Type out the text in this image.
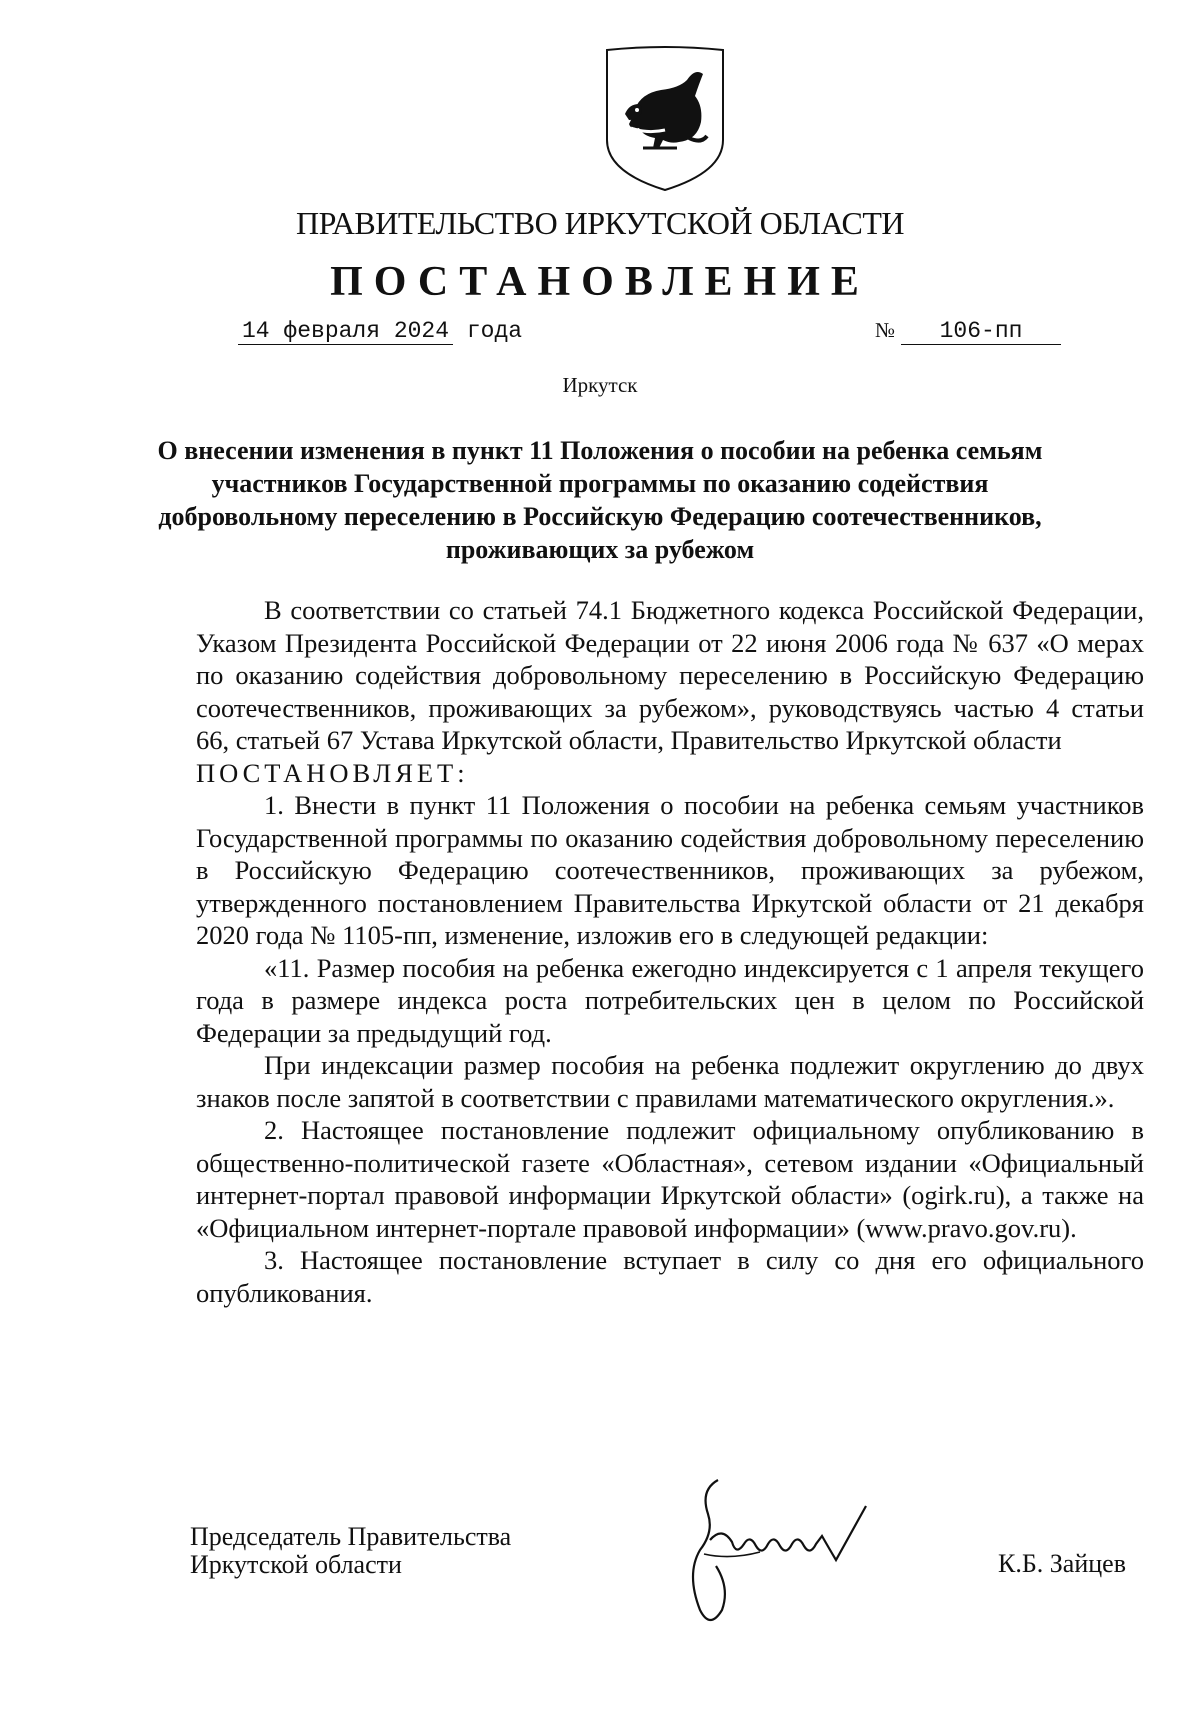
ПРАВИТЕЛЬСТВО ИРКУТСКОЙ ОБЛАСТИ
ПОСТАНОВЛЕНИЕ
14 февраля 2024 года	№ 106-пп
Иркутск
О внесении изменения в пункт 11 Положения о пособии на ребенка семьям участников Государственной программы по оказанию содействия добровольному переселению в Российскую Федерацию соотечественников, проживающих за рубежом

В соответствии со статьей 74.1 Бюджетного кодекса Российской Федерации, Указом Президента Российской Федерации от 22 июня 2006 года № 637 «О мерах по оказанию содействия добровольному переселению в Российскую Федерацию соотечественников, проживающих за рубежом», руководствуясь частью 4 статьи 66, статьей 67 Устава Иркутской области, Правительство Иркутской области

ПОСТАНОВЛЯЕТ:

1. Внести в пункт 11 Положения о пособии на ребенка семьям участников Государственной программы по оказанию содействия добровольному переселению в Российскую Федерацию соотечественников, проживающих за рубежом, утвержденного постановлением Правительства Иркутской области от 21 декабря 2020 года № 1105-пп, изменение, изложив его в следующей редакции:

«11. Размер пособия на ребенка ежегодно индексируется с 1 апреля текущего года в размере индекса роста потребительских цен в целом по Российской Федерации за предыдущий год.

При индексации размер пособия на ребенка подлежит округлению до двух знаков после запятой в соответствии с правилами математического округления.».

2. Настоящее постановление подлежит официальному опубликованию в общественно-политической газете «Областная», сетевом издании «Официальный интернет-портал правовой информации Иркутской области» (ogirk.ru), а также на «Официальном интернет-портале правовой информации» (www.pravo.gov.ru).

3. Настоящее постановление вступает в силу со дня его официального опубликования.

Председатель Правительства
Иркутской области	К.Б. Зайцев
